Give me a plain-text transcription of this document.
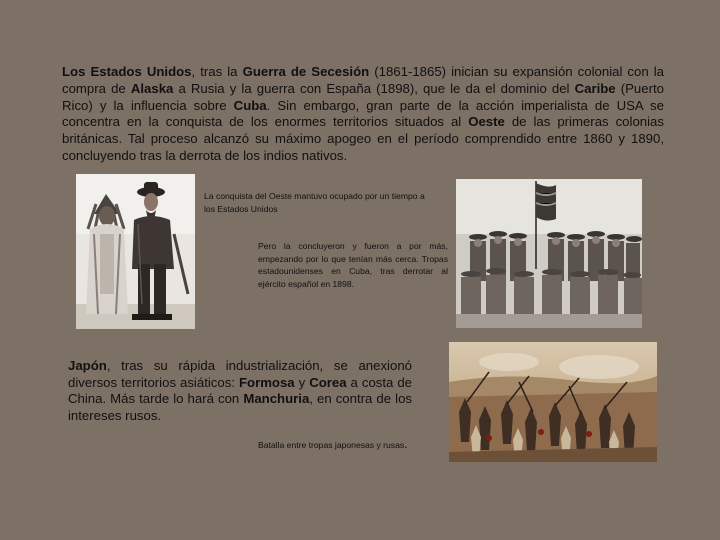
Los Estados Unidos, tras la Guerra de Secesión (1861-1865) inician su expansión colonial con la compra de Alaska a Rusia y la guerra con España (1898), que le da el dominio del Caribe (Puerto Rico) y la influencia sobre Cuba. Sin embargo, gran parte de la acción imperialista de USA se concentra en la conquista de los enormes territorios situados al Oeste de las primeras colonias británicas. Tal proceso alcanzó su máximo apogeo en el período comprendido entre 1860 y 1890, concluyendo tras la derrota de los indios nativos.

La conquista del Oeste mantuvo ocupado por un tiempo a los Estados Unidos
Pero la concluyeron y fueron a por más, empezando por lo que tenían más cerca. Tropas estadounidenses en Cuba, tras derrotar al ejército español en 1898.

Japón, tras su rápida industrialización, se anexionó diversos territorios asiáticos: Formosa y Corea a costa de China. Más tarde lo hará con Manchuria, en contra de los intereses rusos.

Batalla entre tropas japonesas y rusas.
